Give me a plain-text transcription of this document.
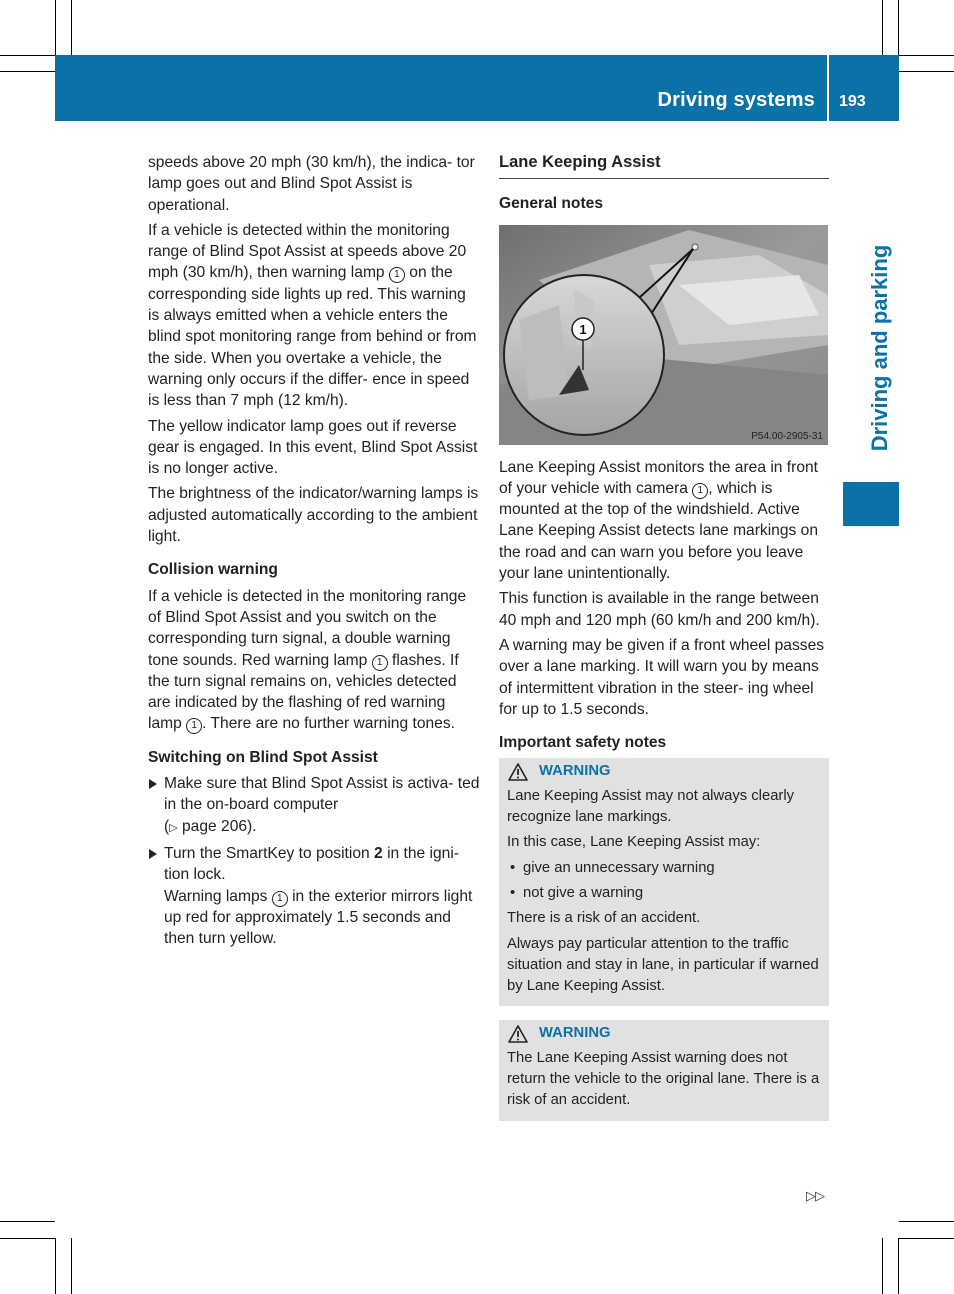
Driving systems 193
Driving and parking

speeds above 20 mph (30 km/h), the indica- tor lamp goes out and Blind Spot Assist is operational.

If a vehicle is detected within the monitoring range of Blind Spot Assist at speeds above 20 mph (30 km/h), then warning lamp 1 on the corresponding side lights up red. This warning is always emitted when a vehicle enters the blind spot monitoring range from behind or from the side. When you overtake a vehicle, the warning only occurs if the differ- ence in speed is less than 7 mph (12 km/h).

The yellow indicator lamp goes out if reverse gear is engaged. In this event, Blind Spot Assist is no longer active.

The brightness of the indicator/warning lamps is adjusted automatically according to the ambient light.

Collision warning

If a vehicle is detected in the monitoring range of Blind Spot Assist and you switch on the corresponding turn signal, a double warning tone sounds. Red warning lamp 1 flashes. If the turn signal remains on, vehicles detected are indicated by the flashing of red warning lamp 1 . There are no further warning tones.

Switching on Blind Spot Assist
Make sure that Blind Spot Assist is activa- ted in the on-board computer
(▷ page 206).
Turn the SmartKey to position 2 in the igni- tion lock.
Warning lamps 1 in the exterior mirrors light up red for approximately 1.5 seconds and then turn yellow.
Lane Keeping Assist
General notes
1
P54.00-2905-31

Lane Keeping Assist monitors the area in front of your vehicle with camera 1 , which is mounted at the top of the windshield. Active Lane Keeping Assist detects lane markings on the road and can warn you before you leave your lane unintentionally.

This function is available in the range between 40 mph and 120 mph (60 km/h and 200 km/h).

A warning may be given if a front wheel passes over a lane marking. It will warn you by means of intermittent vibration in the steer- ing wheel for up to 1.5 seconds.

Important safety notes
WARNING

Lane Keeping Assist may not always clearly recognize lane markings.

In this case, Lane Keeping Assist may:

• give an unnecessary warning
• not give a warning

There is a risk of an accident.

Always pay particular attention to the traffic situation and stay in lane, in particular if warned by Lane Keeping Assist.

WARNING

The Lane Keeping Assist warning does not return the vehicle to the original lane. There is a risk of an accident.

▷▷
